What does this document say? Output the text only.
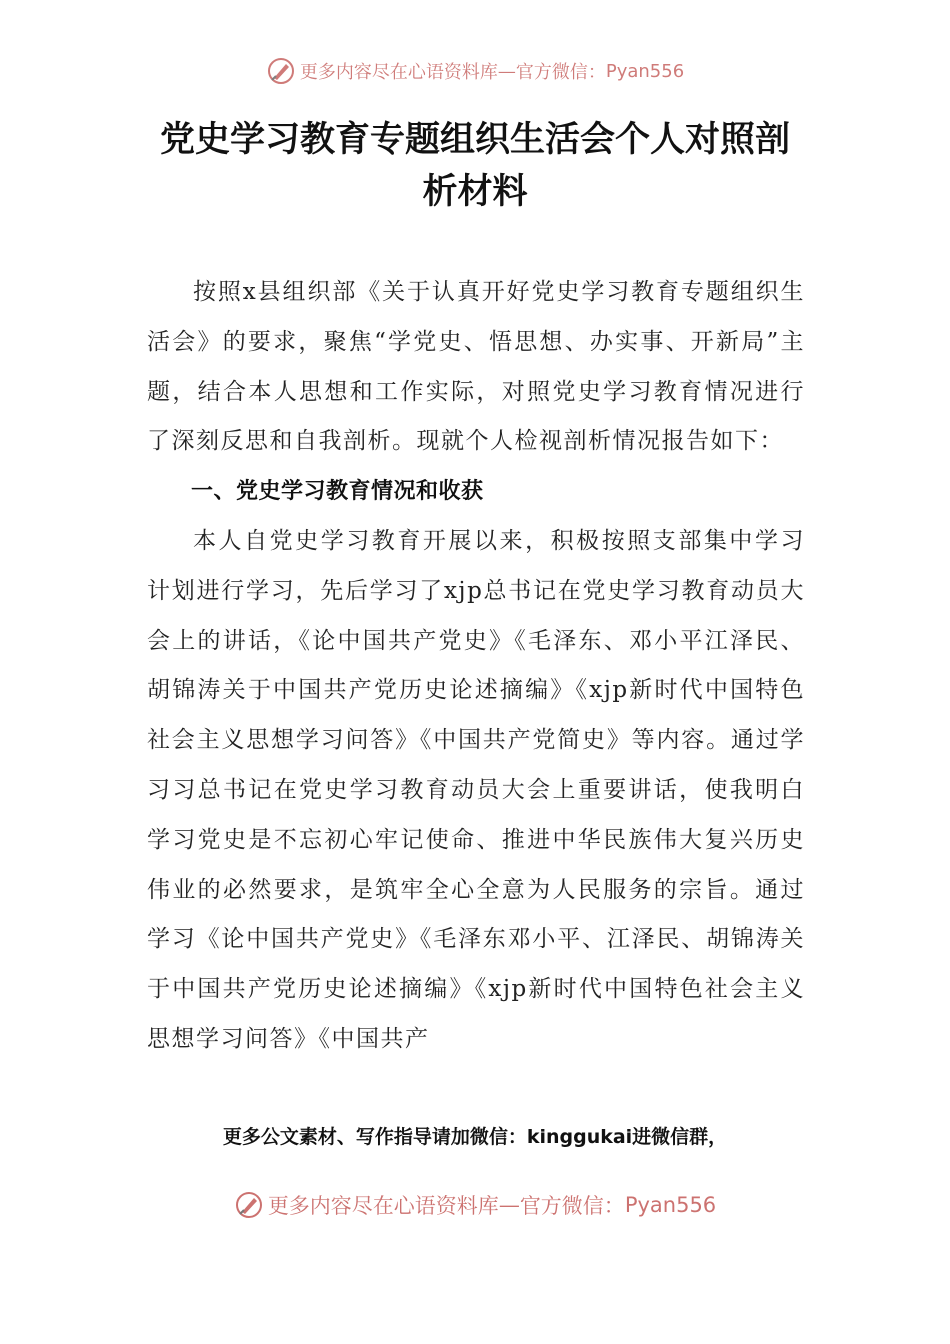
更多内容尽在心语资料库 — 官方微信： Pyan556
党史学习教育专题组织生活会个人对照剖析材料

按照x县组织部《关于认真开好党史学习教育专题组织生活会》的要求，聚焦“学党史、悟思想、办实事、开新局”主题，结合本人思想和工作实际，对照党史学习教育情况进行了深刻反思和自我剖析。现就个人检视剖析情况报告如下：

一、党史学习教育情况和收获

本人自党史学习教育开展以来，积极按照支部集中学习计划进行学习，先后学习了xjp总书记在党史学习教育动员大会上的讲话，《论中国共产党史》《毛泽东、邓小平江泽民、胡锦涛关于中国共产党历史论述摘编》《xjp新时代中国特色社会主义思想学习问答》《中国共产党简史》等内容。通过学习习总书记在党史学习教育动员大会上重要讲话，使我明白学习党史是不忘初心牢记使命、推进中华民族伟大复兴历史伟业的必然要求，是筑牢全心全意为人民服务的宗旨。通过学习《论中国共产党史》《毛泽东邓小平、江泽民、胡锦涛关于中国共产党历史论述摘编》《xjp新时代中国特色社会主义思想学习问答》《中国共产

更多公文素材、写作指导请加微信：kinggukai进微信群，
更多内容尽在心语资料库 — 官方微信： Pyan556
